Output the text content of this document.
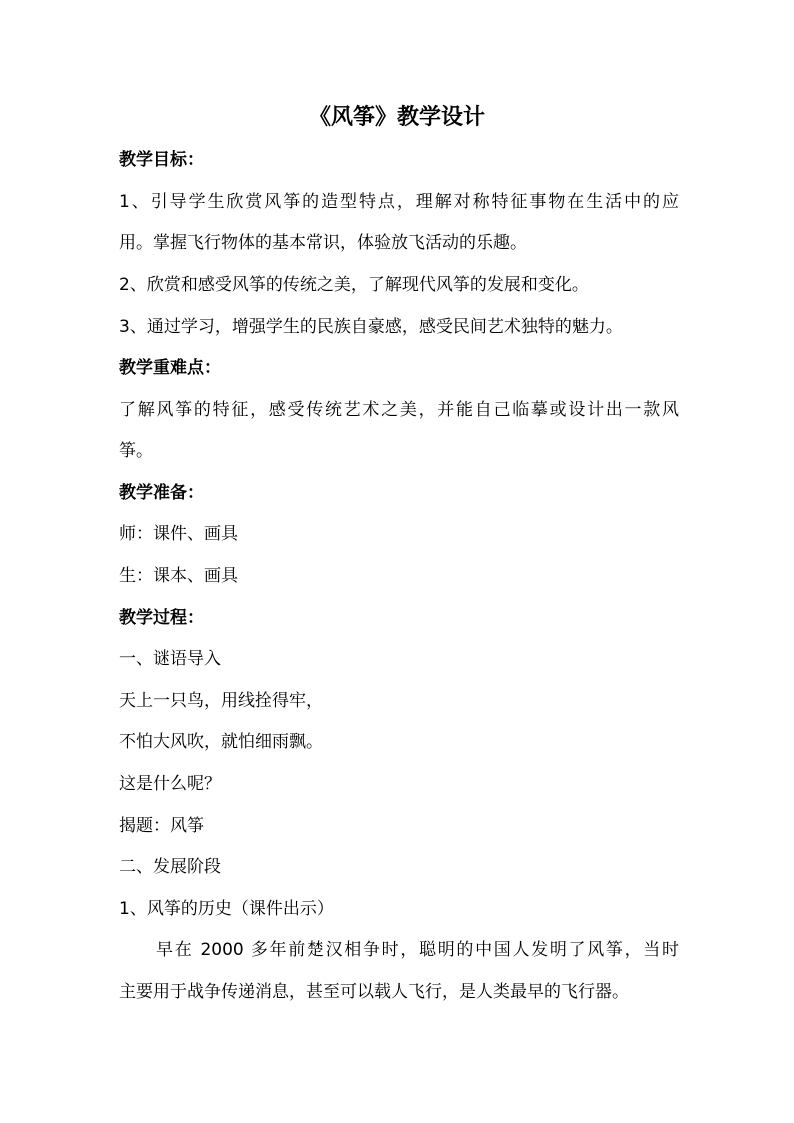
《风筝》教学设计
教学目标：
1、引导学生欣赏风筝的造型特点，理解对称特征事物在生活中的应
用。掌握飞行物体的基本常识，体验放飞活动的乐趣。
2、欣赏和感受风筝的传统之美，了解现代风筝的发展和变化。
3、通过学习，增强学生的民族自豪感，感受民间艺术独特的魅力。
教学重难点：
了解风筝的特征，感受传统艺术之美，并能自己临摹或设计出一款风
筝。
教学准备：
师：课件、画具
生：课本、画具
教学过程：
一、谜语导入
天上一只鸟，用线拴得牢，
不怕大风吹，就怕细雨飘。
这是什么呢？
揭题：风筝
二、发展阶段
1、风筝的历史（课件出示）
早在 2000 多年前楚汉相争时，聪明的中国人发明了风筝，当时
主要用于战争传递消息，甚至可以载人飞行，是人类最早的飞行器。
